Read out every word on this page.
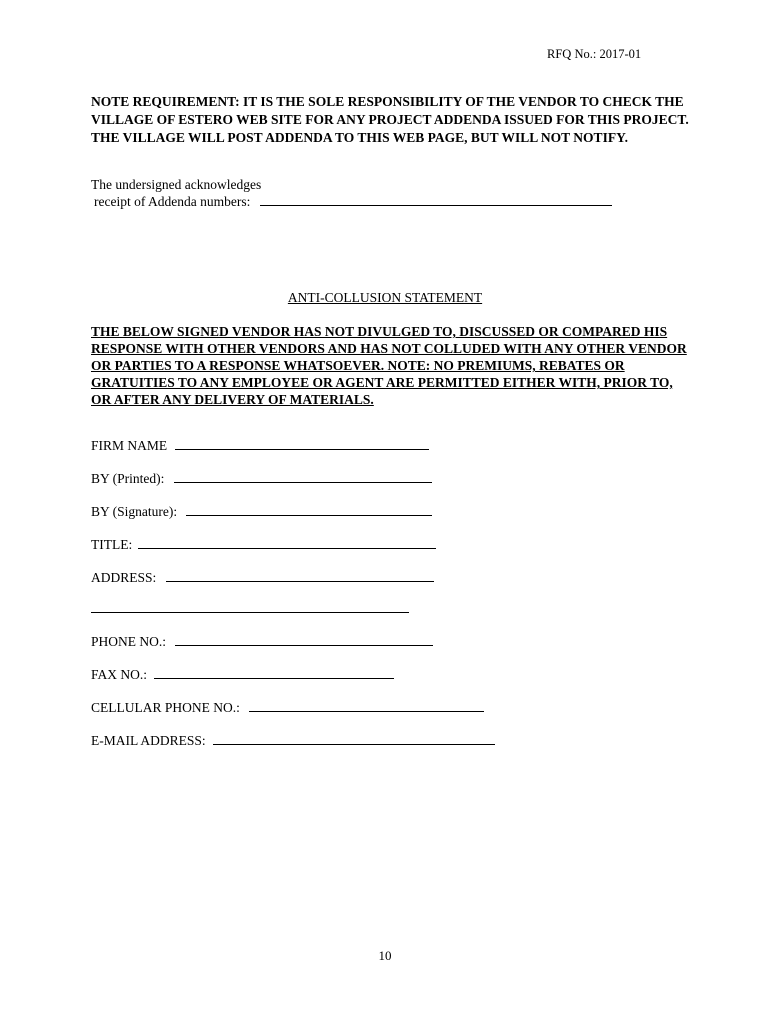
RFQ No.: 2017-01
NOTE REQUIREMENT: IT IS THE SOLE RESPONSIBILITY OF THE VENDOR TO CHECK THE VILLAGE OF ESTERO WEB SITE FOR ANY PROJECT ADDENDA ISSUED FOR THIS PROJECT. THE VILLAGE WILL POST ADDENDA TO THIS WEB PAGE, BUT WILL NOT NOTIFY.
The undersigned acknowledges
receipt of Addenda numbers:
ANTI-COLLUSION STATEMENT
THE BELOW SIGNED VENDOR HAS NOT DIVULGED TO, DISCUSSED OR COMPARED HIS RESPONSE WITH OTHER VENDORS AND HAS NOT COLLUDED WITH ANY OTHER VENDOR OR PARTIES TO A RESPONSE WHATSOEVER. NOTE: NO PREMIUMS, REBATES OR GRATUITIES TO ANY EMPLOYEE OR AGENT ARE PERMITTED EITHER WITH, PRIOR TO, OR AFTER ANY DELIVERY OF MATERIALS.
FIRM NAME
BY (Printed):
BY (Signature):
TITLE:
ADDRESS:
PHONE NO.:
FAX NO.:
CELLULAR PHONE NO.:
E-MAIL ADDRESS:
10
